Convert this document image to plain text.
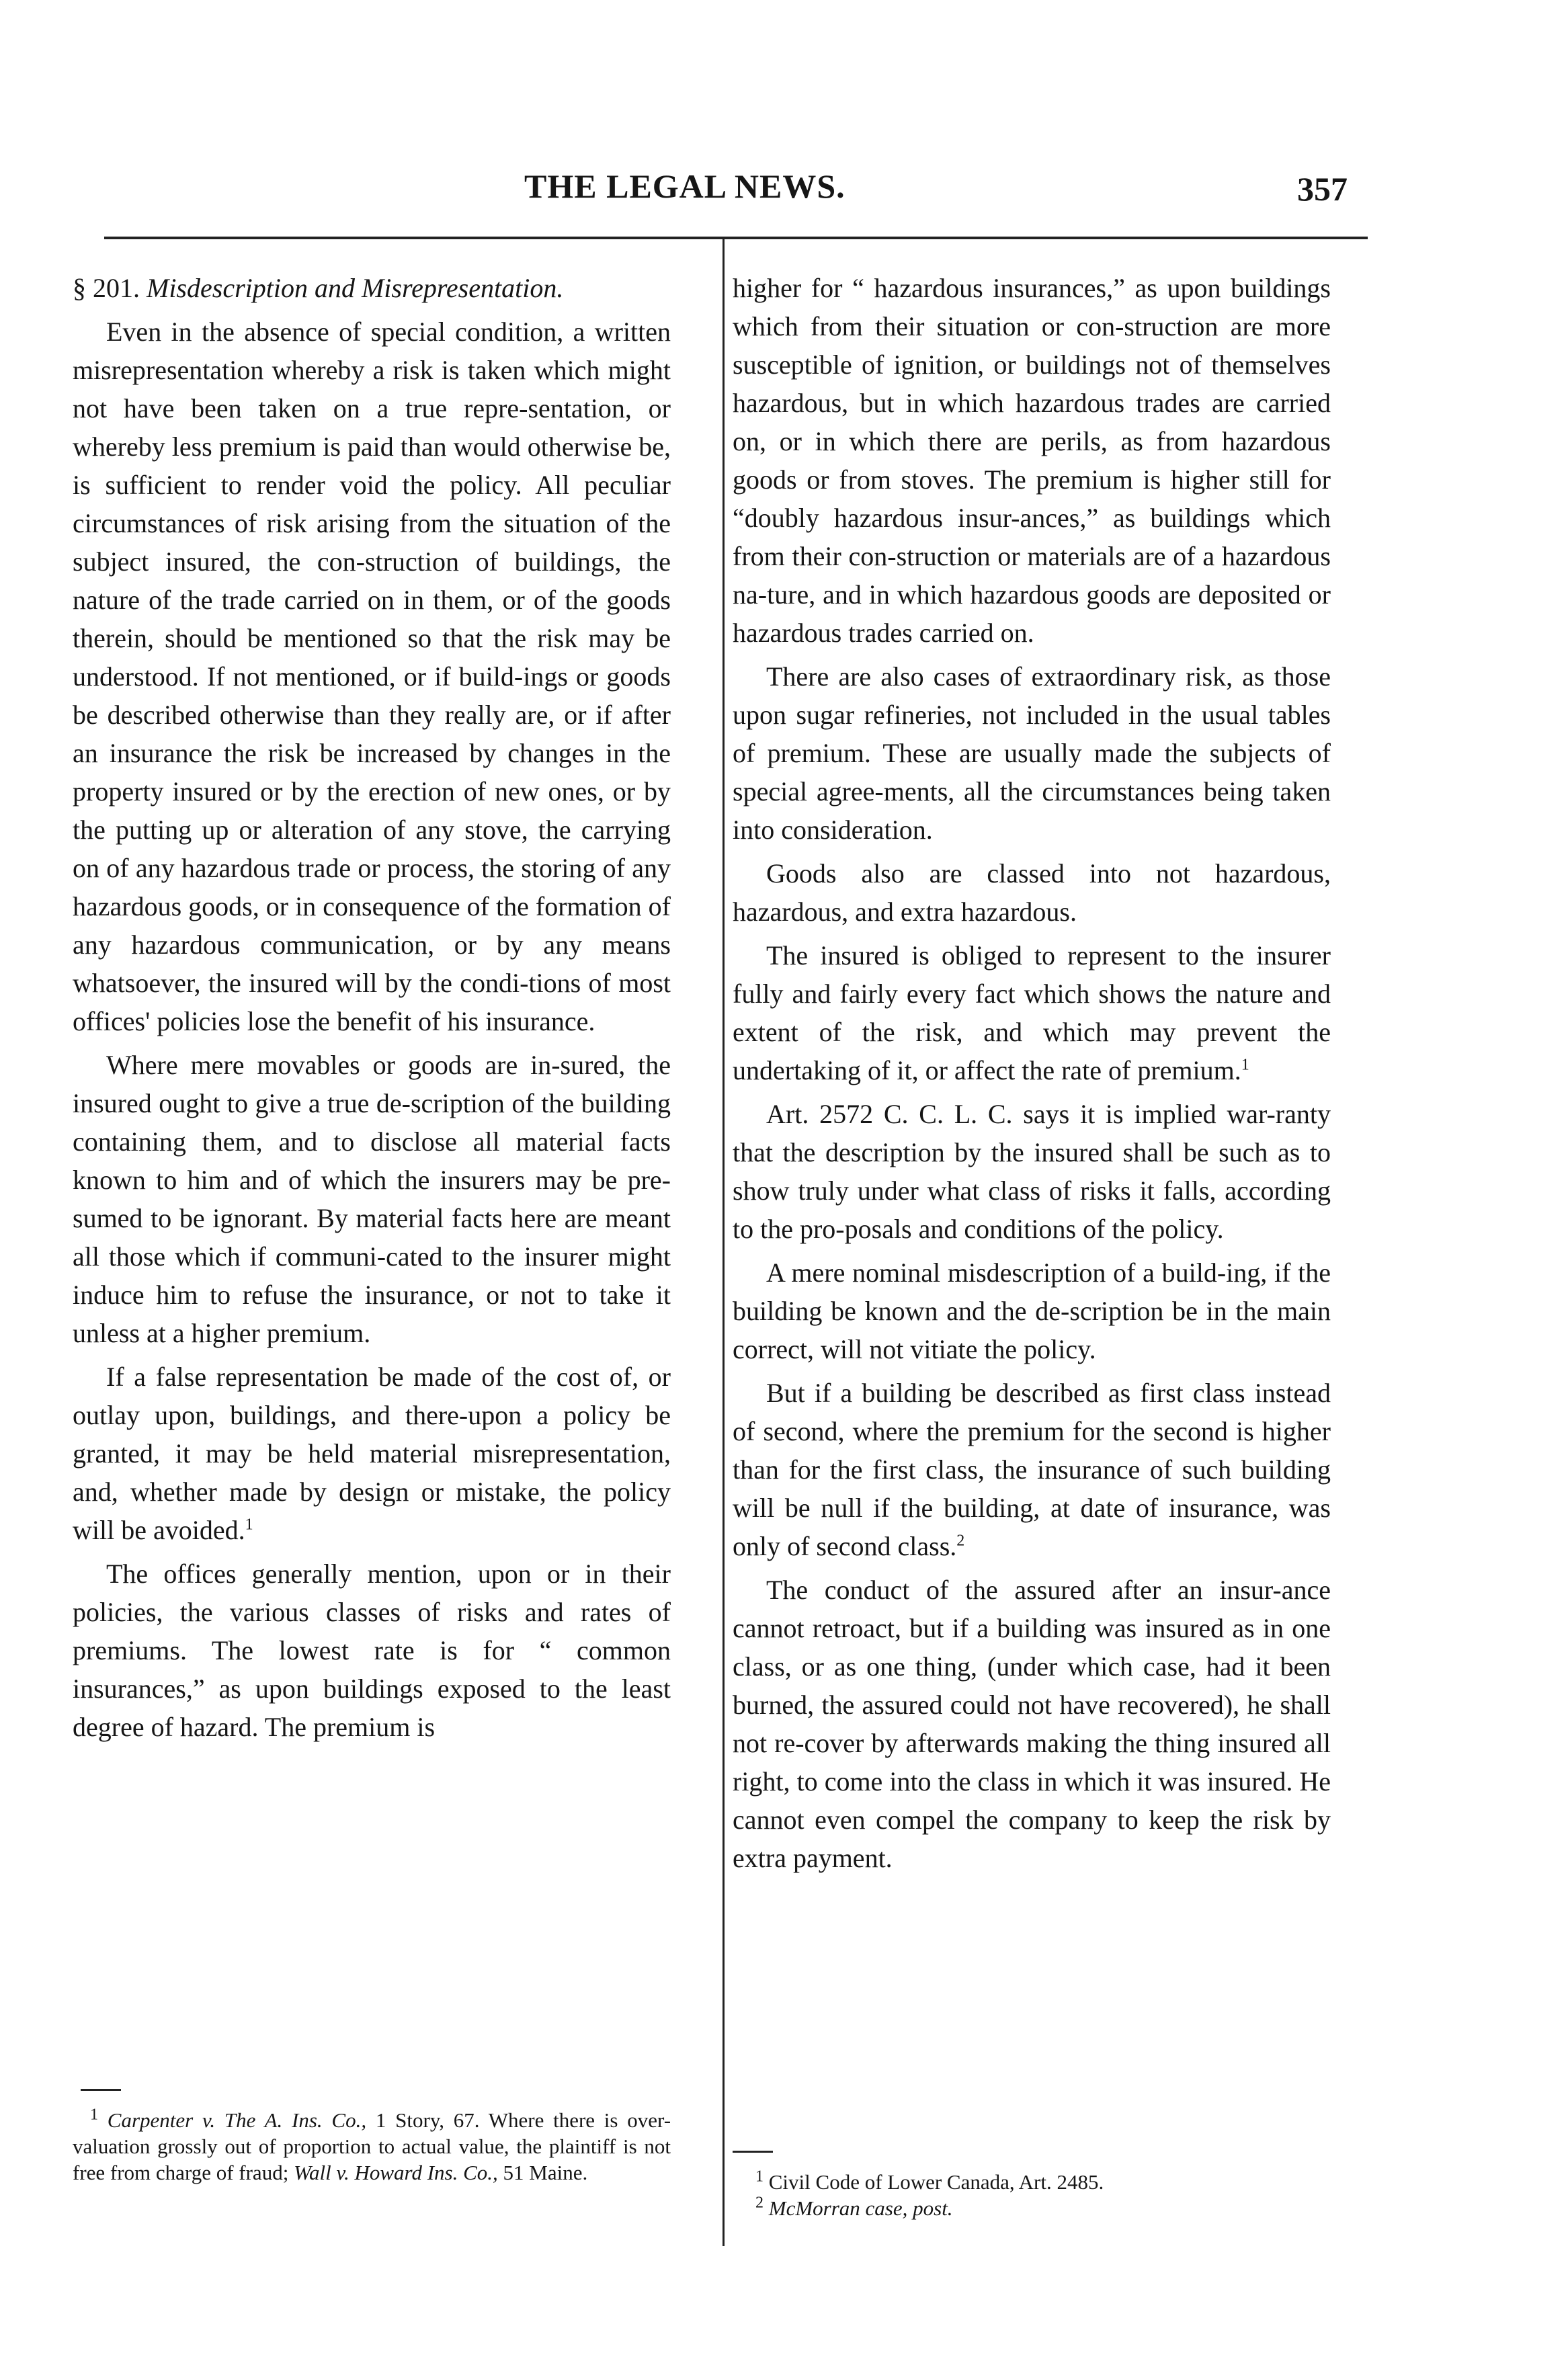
THE LEGAL NEWS.	357

§ 201. Misdescription and Misrepresentation.

Even in the absence of special condition, a written misrepresentation whereby a risk is taken which might not have been taken on a true repre-sentation, or whereby less premium is paid than would otherwise be, is sufficient to render void the policy. All peculiar circumstances of risk arising from the situation of the subject insured, the con-struction of buildings, the nature of the trade carried on in them, or of the goods therein, should be mentioned so that the risk may be understood. If not mentioned, or if build-ings or goods be described otherwise than they really are, or if after an insurance the risk be increased by changes in the property insured or by the erection of new ones, or by the putting up or alteration of any stove, the carrying on of any hazardous trade or process, the storing of any hazardous goods, or in consequence of the formation of any hazardous communication, or by any means whatsoever, the insured will by the condi-tions of most offices' policies lose the benefit of his insurance.

Where mere movables or goods are in-sured, the insured ought to give a true de-scription of the building containing them, and to disclose all material facts known to him and of which the insurers may be pre-sumed to be ignorant. By material facts here are meant all those which if communi-cated to the insurer might induce him to refuse the insurance, or not to take it unless at a higher premium.

If a false representation be made of the cost of, or outlay upon, buildings, and there-upon a policy be granted, it may be held material misrepresentation, and, whether made by design or mistake, the policy will be avoided.$^1$

The offices generally mention, upon or in their policies, the various classes of risks and rates of premiums. The lowest rate is for “ common insurances,” as upon buildings exposed to the least degree of hazard. The premium is

$^1$ Carpenter v. The A. Ins. Co., 1 Story, 67. Where there is over-valuation grossly out of proportion to actual value, the plaintiff is not free from charge of fraud; Wall v. Howard Ins. Co., 51 Maine.

higher for “ hazardous insurances,” as upon buildings which from their situation or con-struction are more susceptible of ignition, or buildings not of themselves hazardous, but in which hazardous trades are carried on, or in which there are perils, as from hazardous goods or from stoves. The premium is higher still for “doubly hazardous insur-ances,” as buildings which from their con-struction or materials are of a hazardous na-ture, and in which hazardous goods are deposited or hazardous trades carried on.

There are also cases of extraordinary risk, as those upon sugar refineries, not included in the usual tables of premium. These are usually made the subjects of special agree-ments, all the circumstances being taken into consideration.

Goods also are classed into not hazardous, hazardous, and extra hazardous.

The insured is obliged to represent to the insurer fully and fairly every fact which shows the nature and extent of the risk, and which may prevent the undertaking of it, or affect the rate of premium.$^1$

Art. 2572 C. C. L. C. says it is implied war-ranty that the description by the insured shall be such as to show truly under what class of risks it falls, according to the pro-posals and conditions of the policy.

A mere nominal misdescription of a build-ing, if the building be known and the de-scription be in the main correct, will not vitiate the policy.

But if a building be described as first class instead of second, where the premium for the second is higher than for the first class, the insurance of such building will be null if the building, at date of insurance, was only of second class.$^2$

The conduct of the assured after an insur-ance cannot retroact, but if a building was insured as in one class, or as one thing, (under which case, had it been burned, the assured could not have recovered), he shall not re-cover by afterwards making the thing insured all right, to come into the class in which it was insured. He cannot even compel the company to keep the risk by extra payment.

$^1$ Civil Code of Lower Canada, Art. 2485.

$^2$ McMorran case, post.
